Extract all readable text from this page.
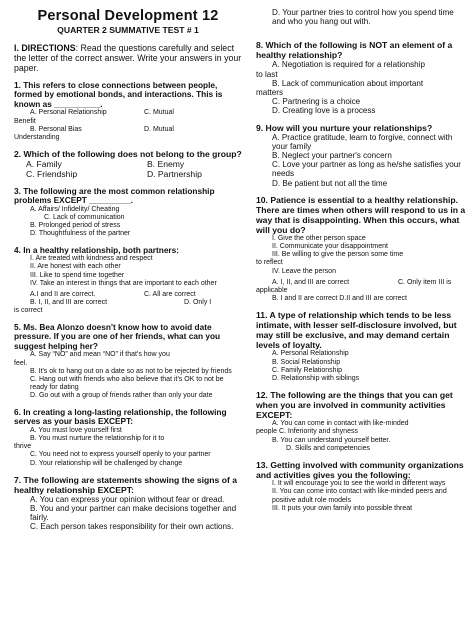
Personal Development 12
QUARTER 2 SUMMATIVE TEST # 1
I. DIRECTIONS: Read the questions carefully and select the letter of the correct answer. Write your answers in your paper.
1. This refers to close connections between people, formed by emotional bonds, and interactions. This is known as __________.
A. Personal Relationship	C. Mutual
Benefit
B. Personal Bias	D. Mutual
Understanding
2. Which of the following does not belong to the group?
A. Family	B. Enemy
C. Friendship	D. Partnership
3. The following are the most common relationship problems EXCEPT _________.
A. Affairs/ Infidelity/ Cheating
C. Lack of communication
B. Prolonged period of stress
D. Thoughtfulness of the partner
4. In a healthy relationship, both partners:
I. Are treated with kindness and respect
II. Are honest with each other
III. Like to spend time together
IV. Take an interest in things that are important to each other
A.I and II are correct.	C. All are correct
B. I, II, and III are correct	D. Only I
is correct
5. Ms. Bea Alonzo doesn't know how to avoid date pressure. If you are one of her friends, what can you suggest helping her?
A. Say “NO” and mean “NO” if that's how you
feel.
B. It's ok to hang out on a date so as not to be rejected by friends
C. Hang out with friends who also believe that it's OK to not be ready for dating
D. Go out with a group of friends rather than only your date
6. In creating a long-lasting relationship, the following serves as your basis EXCEPT:
A. You must love yourself first
B. You must nurture the relationship for it to
thrive
C. You need not to express yourself openly to your partner
D. Your relationship will be challenged by change
7. The following are statements showing the signs of a healthy relationship EXCEPT:
A. You can express your opinion without fear or dread.
B. You and your partner can make decisions together and fairly.
C. Each person takes responsibility for their own actions.
D. Your partner tries to control how you spend time and who you hang out with.
8. Which of the following is NOT an element of a healthy relationship?
A. Negotiation is required for a relationship
to last
B. Lack of communication about important
matters
C. Partnering is a choice
D. Creating love is a process
9. How will you nurture your relationships?
A. Practice gratitude, learn to forgive, connect with your family
B. Neglect your partner's concern
C. Love your partner as long as he/she satisfies your needs
D. Be patient but not all the time
10. Patience is essential to a healthy relationship. There are times when others will respond to us in a way that is disappointing. When this occurs, what will you do?
I. Give the other person space
II. Communicate your disappointment
III. Be willing to give the person some time
to reflect
IV. Leave the person
A. I, II, and III are correct	C. Only item III is
applicable
B. I and II are correct D.II and III are correct
11. A type of relationship which tends to be less intimate, with lesser self-disclosure involved, but may still be exclusive, and may demand certain levels of loyalty.
A. Personal Relationship
B. Social Relationship
C. Family Relationship
D. Relationship with siblings
12. The following are the things that you can get when you are involved in community activities EXCEPT:
A. You can come in contact with like-minded
people C. Inferiority and shyness
B. You can understand yourself better.
D. Skills and competencies
13. Getting involved with community organizations and activities gives you the following:
I. It will encourage you to see the world in different ways
II. You can come into contact with like-minded peers and positive adult role models
III. It puts your own family into possible threat
